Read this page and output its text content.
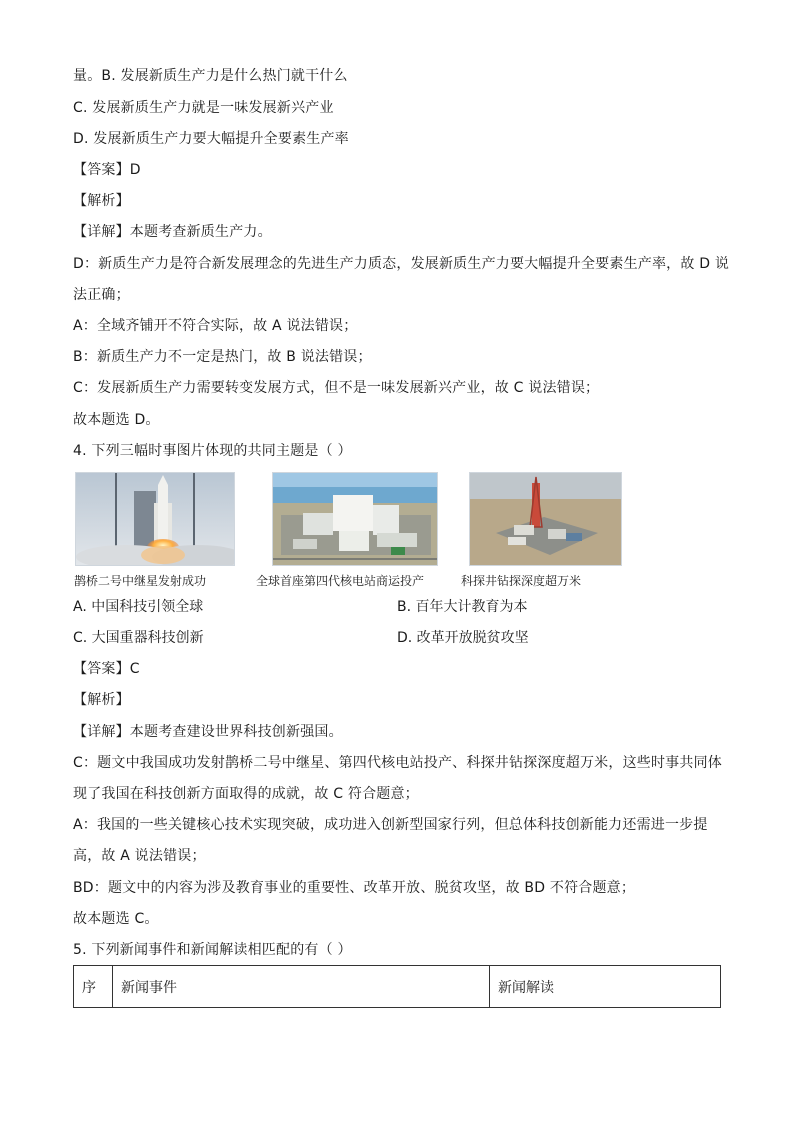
量。B. 发展新质生产力是什么热门就干什么
C. 发展新质生产力就是一味发展新兴产业
D. 发展新质生产力要大幅提升全要素生产率
【答案】D
【解析】
【详解】本题考查新质生产力。
D：新质生产力是符合新发展理念的先进生产力质态，发展新质生产力要大幅提升全要素生产率，故 D 说
法正确；
A：全域齐铺开不符合实际，故 A 说法错误；
B：新质生产力不一定是热门，故 B 说法错误；
C：发展新质生产力需要转变发展方式，但不是一味发展新兴产业，故 C 说法错误；
故本题选 D。
4. 下列三幅时事图片体现的共同主题是（ ）
鹊桥二号中继星发射成功	全球首座第四代核电站商运投产	科探井钻探深度超万米
A. 中国科技引领全球	B. 百年大计教育为本
C. 大国重器科技创新	D. 改革开放脱贫攻坚
【答案】C
【解析】
【详解】本题考查建设世界科技创新强国。
C：题文中我国成功发射鹊桥二号中继星、第四代核电站投产、科探井钻探深度超万米，这些时事共同体
现了我国在科技创新方面取得的成就，故 C 符合题意；
A：我国的一些关键核心技术实现突破，成功进入创新型国家行列，但总体科技创新能力还需进一步提
高，故 A 说法错误；
BD：题文中的内容为涉及教育事业的重要性、改革开放、脱贫攻坚，故 BD 不符合题意；
故本题选 C。
5. 下列新闻事件和新闻解读相匹配的有（ ）
序	新闻事件	新闻解读
